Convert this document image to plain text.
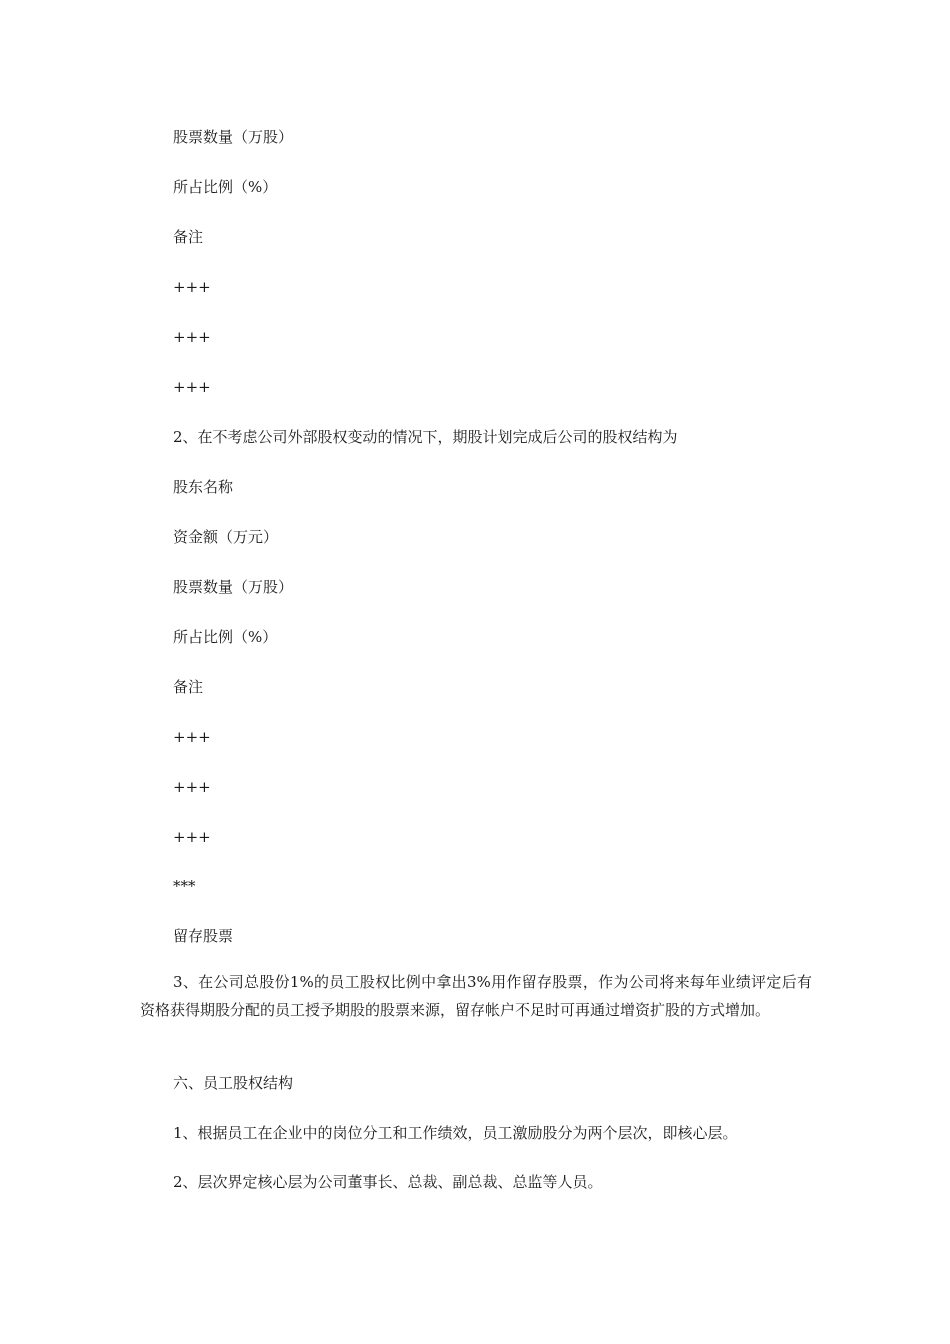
股票数量（万股）
所占比例（%）
备注
+++
+++
+++
2、在不考虑公司外部股权变动的情况下，期股计划完成后公司的股权结构为
股东名称
资金额（万元）
股票数量（万股）
所占比例（%）
备注
+++
+++
+++
***
留存股票
3、在公司总股份1%的员工股权比例中拿出3%用作留存股票，作为公司将来每年业绩评定后有资格获得期股分配的员工授予期股的股票来源，留存帐户不足时可再通过增资扩股的方式增加。
六、员工股权结构
1、根据员工在企业中的岗位分工和工作绩效，员工激励股分为两个层次，即核心层。
2、层次界定核心层为公司董事长、总裁、副总裁、总监等人员。
